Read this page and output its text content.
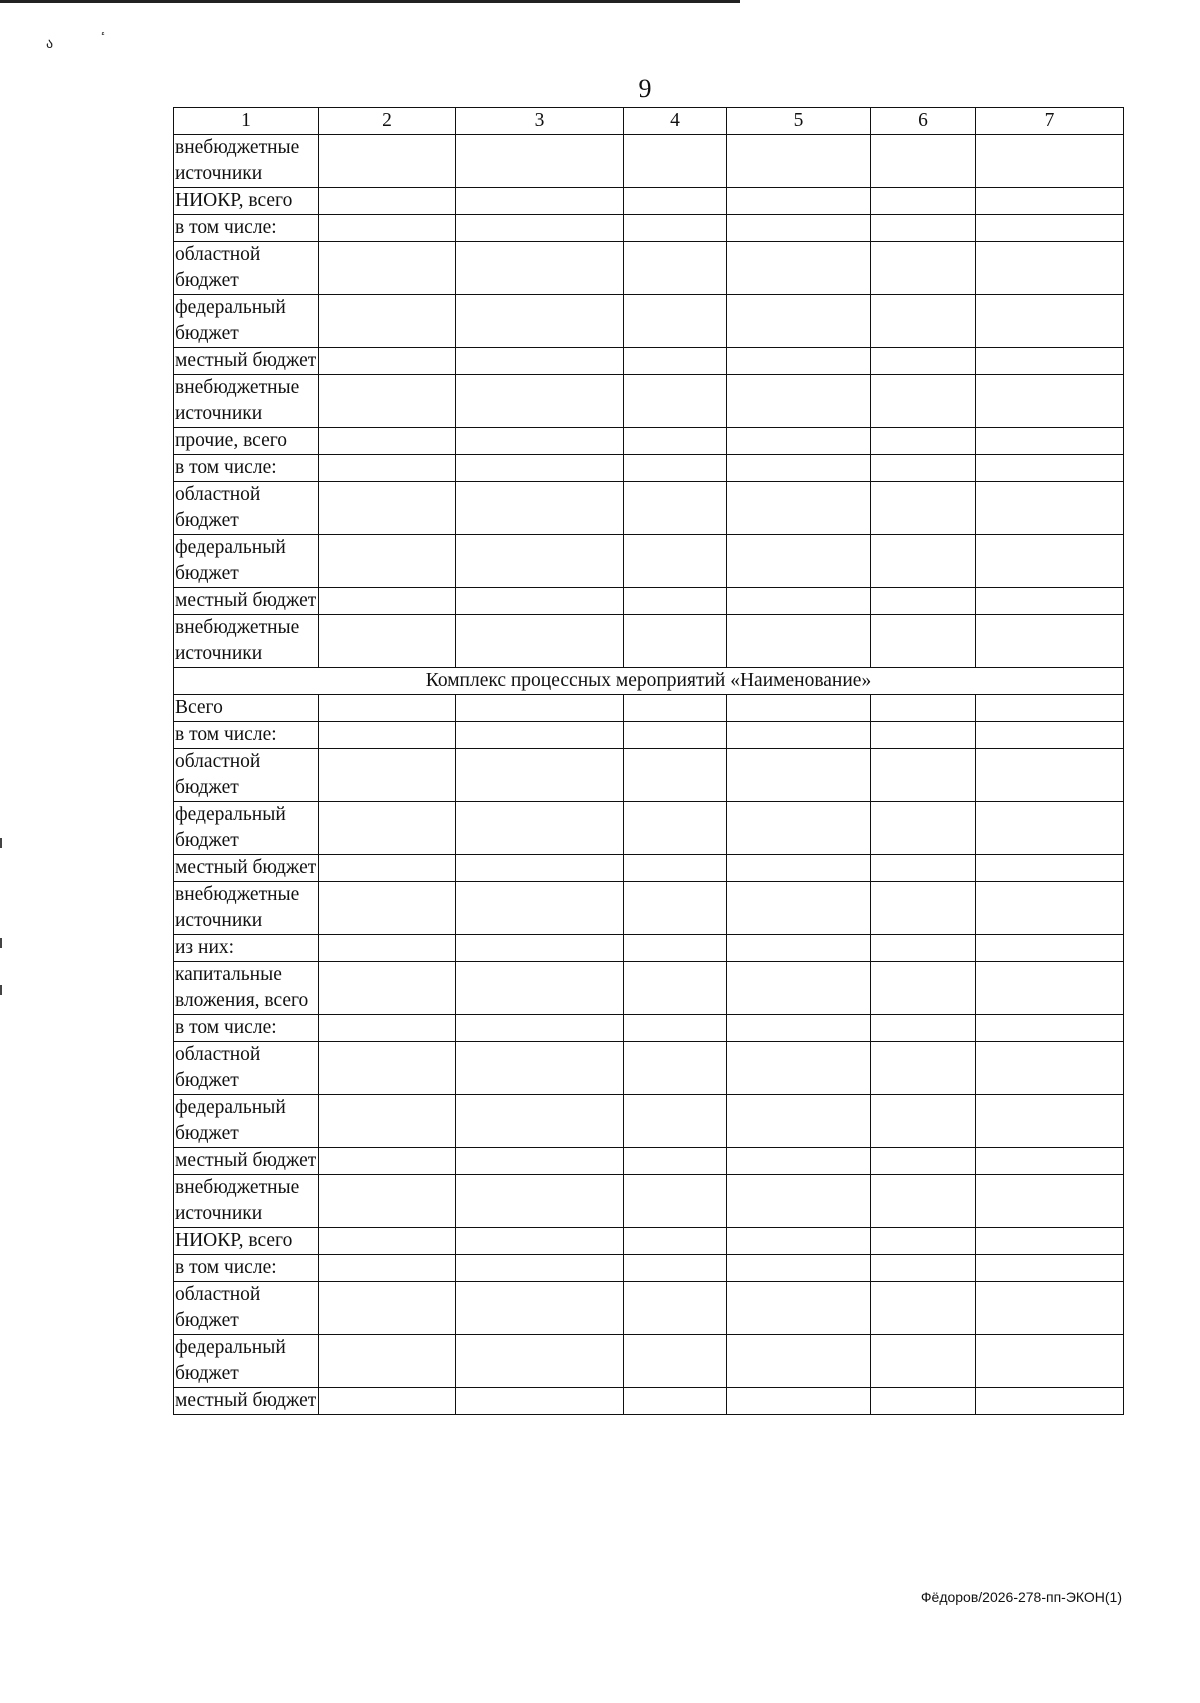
ა	ٴ
9
1	2	3	4	5	6	7
внебюджетные источники						
НИОКР, всего						
в том числе:						
областной бюджет						
федеральный бюджет						
местный бюджет						
внебюджетные источники						
прочие, всего						
в том числе:						
областной бюджет						
федеральный бюджет						
местный бюджет						
внебюджетные источники						
Комплекс процессных мероприятий «Наименование»						
Всего						
в том числе:						
областной бюджет						
федеральный бюджет						
местный бюджет						
внебюджетные источники						
из них:						
капитальные вложения, всего						
в том числе:						
областной бюджет						
федеральный бюджет						
местный бюджет						
внебюджетные источники						
НИОКР, всего						
в том числе:						
областной бюджет						
федеральный бюджет						
местный бюджет						
Фёдоров/2026-278-пп-ЭКОН(1)
